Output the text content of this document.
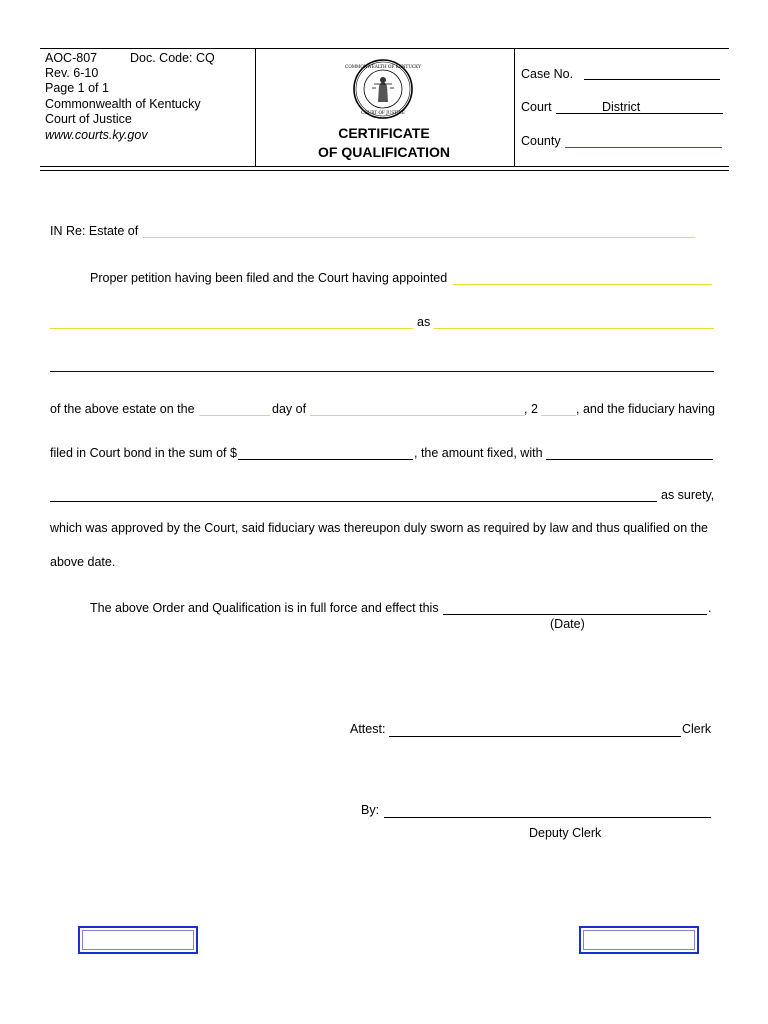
AOC-807	Doc. Code: CQ
Rev. 6-10
Page 1 of 1
Commonwealth of Kentucky
Court of Justice
www.courts.ky.gov
COMMONWEALTH OF KENTUCKY
COURT OF JUSTICE
CERTIFICATE
OF QUALIFICATION
Case No.
Court	District
County
IN Re: Estate of
Proper petition having been filed and the Court having appointed
as
of the above estate on the	day of	, 2	, and the fiduciary having
filed in Court bond in the sum of $	, the amount fixed, with
as surety,
which was approved by the Court, said fiduciary was thereupon duly sworn as required by law and thus qualified on the
above date.
The above Order and Qualification is in full force and effect this	.
(Date)
Attest:	Clerk
By:
Deputy Clerk
